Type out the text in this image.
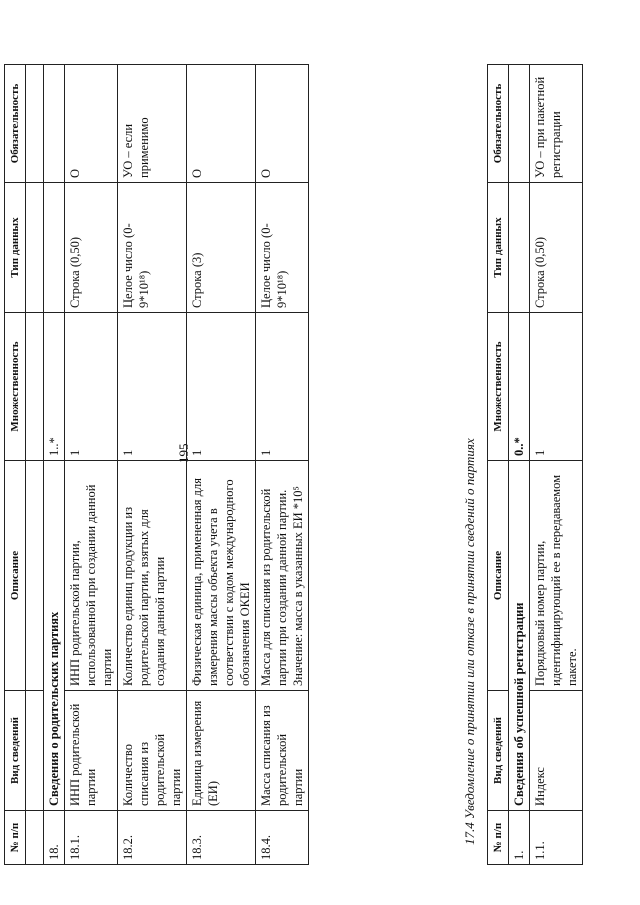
195
№ п/п	Вид сведений	Описание	Множественность	Тип данных	Обязательность

18.	Сведения о родительских партиях		1..*		
18.1.	ИНП родительской партии	ИНП родительской партии, использованной при создании данной партии	1	Строка (0,50)	О
18.2.	Количество списания из родительской партии	Количество единиц продукции из родительской партии, взятых для создания данной партии	1	Целое число (0-9*10¹⁸)	УО – если применимо
18.3.	Единица измерения (ЕИ)	Физическая единица, примененная для измерения массы объекта учета в соответствии с кодом международного обозначения ОКЕИ	1	Строка (3)	О
18.4.	Масса списания из родительской партии	Масса для списания из родительской партии при создании данной партии. Значение: масса в указанных ЕИ *10⁵	1	Целое число (0-9*10¹⁸)	О
17.4 Уведомление о принятии или отказе в принятии сведений о партиях № п/п	Вид сведений	Описание	Множественность	Тип данных	Обязательность
1.	Сведения об успешной регистрации		0..*		
1.1.	Индекс	Порядковый номер партии, идентифицирующий ее в передаваемом пакете.	1	Строка (0,50)	УО – при пакетной регистрации
